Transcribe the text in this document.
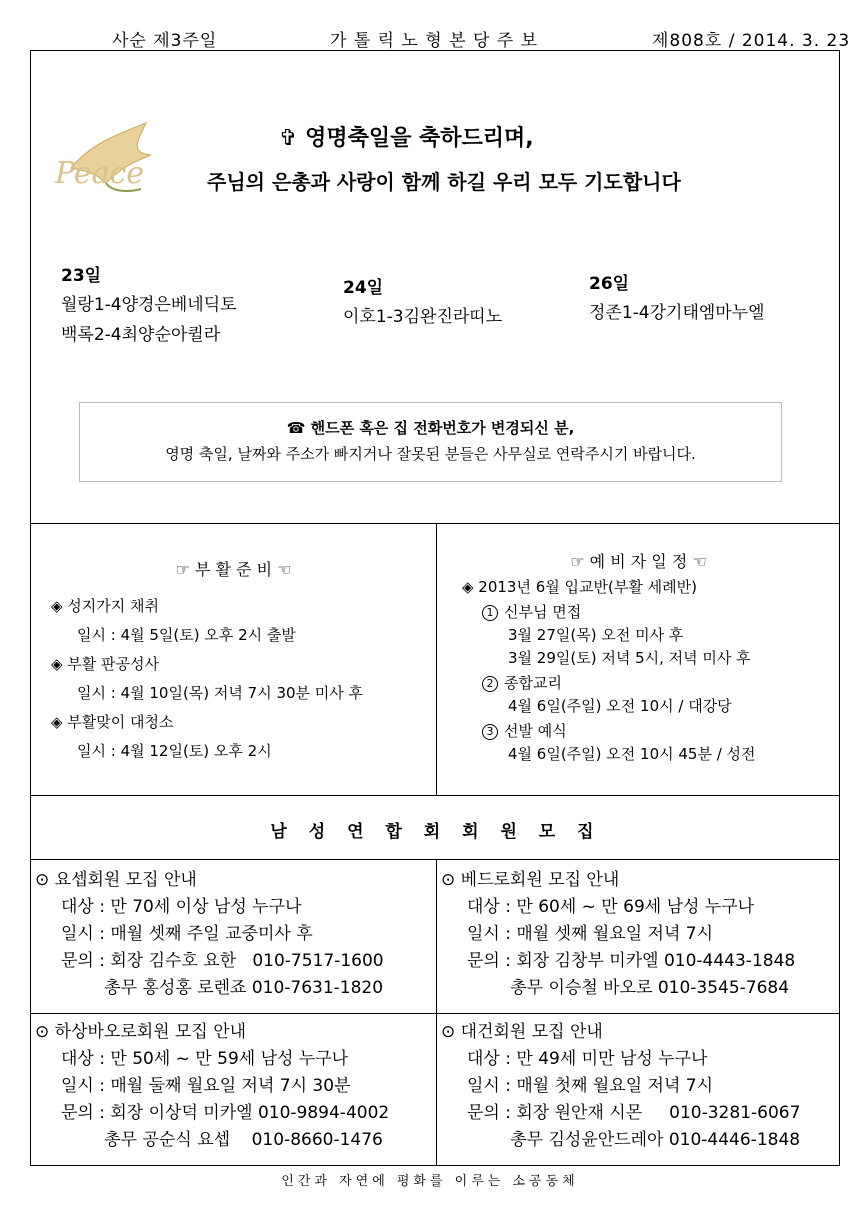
사순 제3주일	가 톨 릭 노 형 본 당 주 보	제808호 / 2014. 3. 23
Peace
✞ 영명축일을 축하드리며,
주님의 은총과 사랑이 함께 하길 우리 모두 기도합니다
23일
월랑1-4양경은베네딕토
백록2-4최양순아퀼라
24일
이호1-3김완진라띠노
26일
정존1-4강기태엠마누엘
☎ 핸드폰 혹은 집 전화번호가 변경되신 분,
영명 축일, 날짜와 주소가 빠지거나 잘못된 분들은 사무실로 연락주시기 바랍니다.
☞ 부 활 준 비 ☜
◈ 성지가지 채취
일시 : 4월 5일(토) 오후 2시 출발
◈ 부활 판공성사
일시 : 4월 10일(목) 저녁 7시 30분 미사 후
◈ 부활맞이 대청소
일시 : 4월 12일(토) 오후 2시
☞ 예 비 자 일 정 ☜
◈ 2013년 6월 입교반(부활 세례반)
1 신부님 면접
3월 27일(목) 오전 미사 후
3월 29일(토) 저녁 5시, 저녁 미사 후
2 종합교리
4월 6일(주일) 오전 10시 / 대강당
3 선발 예식
4월 6일(주일) 오전 10시 45분 / 성전
남 성 연 합 회 회 원 모 집
⊙ 요셉회원 모집 안내
대상 : 만 70세 이상 남성 누구나
일시 : 매월 셋째 주일 교중미사 후
문의 : 회장 김수호 요한   010-7517-1600
총무 홍성홍 로렌죠 010-7631-1820
⊙ 베드로회원 모집 안내
대상 : 만 60세 ~ 만 69세 남성 누구나
일시 : 매월 셋째 월요일 저녁 7시
문의 : 회장 김창부 미카엘 010-4443-1848
총무 이승철 바오로 010-3545-7684
⊙ 하상바오로회원 모집 안내
대상 : 만 50세 ~ 만 59세 남성 누구나
일시 : 매월 둘째 월요일 저녁 7시 30분
문의 : 회장 이상덕 미카엘 010-9894-4002
총무 공순식 요셉    010-8660-1476
⊙ 대건회원 모집 안내
대상 : 만 49세 미만 남성 누구나
일시 : 매월 첫째 월요일 저녁 7시
문의 : 회장 원안재 시몬     010-3281-6067
총무 김성윤안드레아 010-4446-1848
인간과 자연에 평화를 이루는 소공동체
